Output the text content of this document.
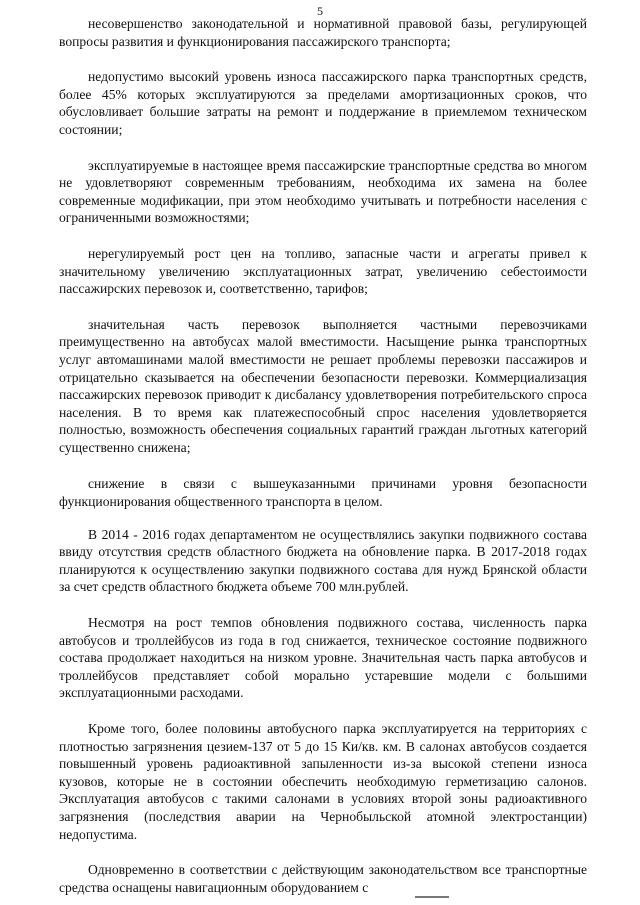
5

несовершенство законодательной и нормативной правовой базы, регулирующей вопросы развития и функционирования пассажирского транспорта;

недопустимо высокий уровень износа пассажирского парка транспортных средств, более 45% которых эксплуатируются за пределами амортизационных сроков, что обусловливает большие затраты на ремонт и поддержание в приемлемом техническом состоянии;

эксплуатируемые в настоящее время пассажирские транспортные средства во многом не удовлетворяют современным требованиям, необходима их замена на более современные модификации, при этом необходимо учитывать и потребности населения с ограниченными возможностями;

нерегулируемый рост цен на топливо, запасные части и агрегаты привел к значительному увеличению эксплуатационных затрат, увеличению себестоимости пассажирских перевозок и, соответственно, тарифов;

значительная часть перевозок выполняется частными перевозчиками преимущественно на автобусах малой вместимости. Насыщение рынка транспортных услуг автомашинами малой вместимости не решает проблемы перевозки пассажиров и отрицательно сказывается на обеспечении безопасности перевозки. Коммерциализация пассажирских перевозок приводит к дисбалансу удовлетворения потребительского спроса населения. В то время как платежеспособный спрос населения удовлетворяется полностью, возможность обеспечения социальных гарантий граждан льготных категорий существенно снижена;

снижение в связи с вышеуказанными причинами уровня безопасности функционирования общественного транспорта в целом.

В 2014 - 2016 годах департаментом не осуществлялись закупки подвижного состава ввиду отсутствия средств областного бюджета на обновление парка. В 2017-2018 годах планируются к осуществлению закупки подвижного состава для нужд Брянской области за счет средств областного бюджета объеме 700 млн.рублей.

Несмотря на рост темпов обновления подвижного состава, численность парка автобусов и троллейбусов из года в год снижается, техническое состояние подвижного состава продолжает находиться на низком уровне. Значительная часть парка автобусов и троллейбусов представляет собой морально устаревшие модели с большими эксплуатационными расходами.

Кроме того, более половины автобусного парка эксплуатируется на территориях с плотностью загрязнения цезием-137 от 5 до 15 Ки/кв. км. В салонах автобусов создается повышенный уровень радиоактивной запыленности из-за высокой степени износа кузовов, которые не в состоянии обеспечить необходимую герметизацию салонов. Эксплуатация автобусов с такими салонами в условиях второй зоны радиоактивного загрязнения (последствия аварии на Чернобыльской атомной электростанции) недопустима.

Одновременно в соответствии с действующим законодательством все транспортные средства оснащены навигационным оборудованием с
